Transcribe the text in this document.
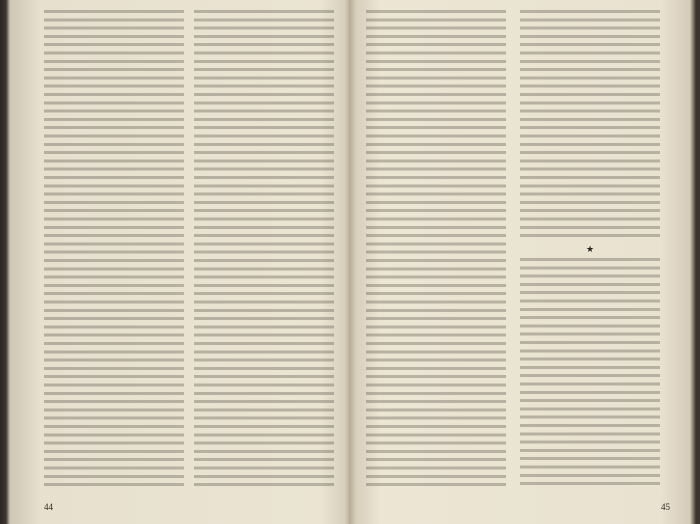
44
★
45
